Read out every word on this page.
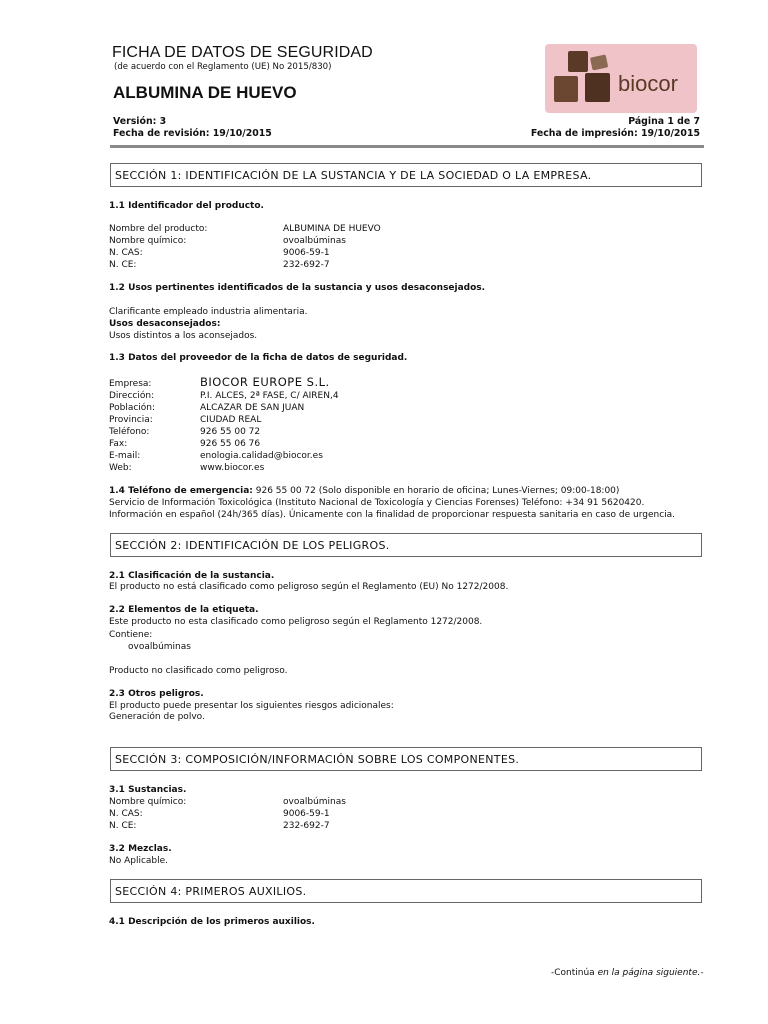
FICHA DE DATOS DE SEGURIDAD
(de acuerdo con el Reglamento (UE) No 2015/830)
ALBUMINA DE HUEVO
Versión: 3
Fecha de revisión: 19/10/2015
Página 1 de 7
Fecha de impresión: 19/10/2015
biocor
SECCIÓN 1: IDENTIFICACIÓN DE LA SUSTANCIA Y DE LA SOCIEDAD O LA EMPRESA.
1.1 Identificador del producto.
Nombre del producto:	ALBUMINA DE HUEVO
Nombre químico:	ovoalbúminas
N. CAS:	9006-59-1
N. CE:	232-692-7
1.2 Usos pertinentes identificados de la sustancia y usos desaconsejados.
Clarificante empleado industria alimentaria.
Usos desaconsejados:
Usos distintos a los aconsejados.
1.3 Datos del proveedor de la ficha de datos de seguridad.
Empresa:	BIOCOR EUROPE S.L.
Dirección:	P.I. ALCES, 2ª FASE, C/ AIREN,4
Población:	ALCAZAR DE SAN JUAN
Provincia:	CIUDAD REAL
Teléfono:	926 55 00 72
Fax:	926 55 06 76
E-mail:	enologia.calidad@biocor.es
Web:	www.biocor.es
1.4 Teléfono de emergencia: 926 55 00 72 (Solo disponible en horario de oficina; Lunes-Viernes; 09:00-18:00)
Servicio de Información Toxicológica (Instituto Nacional de Toxicología y Ciencias Forenses) Teléfono: +34 91 5620420.
Información en español (24h/365 días). Únicamente con la finalidad de proporcionar respuesta sanitaria en caso de urgencia.
SECCIÓN 2: IDENTIFICACIÓN DE LOS PELIGROS.
2.1 Clasificación de la sustancia.
El producto no está clasificado como peligroso según el Reglamento (EU) No 1272/2008.
2.2 Elementos de la etiqueta.
Este producto no esta clasificado como peligroso según el Reglamento 1272/2008.
Contiene:
ovoalbúminas
Producto no clasificado como peligroso.
2.3 Otros peligros.
El producto puede presentar los siguientes riesgos adicionales:
Generación de polvo.
SECCIÓN 3: COMPOSICIÓN/INFORMACIÓN SOBRE LOS COMPONENTES.
3.1 Sustancias.
Nombre químico:	ovoalbúminas
N. CAS:	9006-59-1
N. CE:	232-692-7
3.2 Mezclas.
No Aplicable.
SECCIÓN 4: PRIMEROS AUXILIOS.
4.1 Descripción de los primeros auxilios.
-Continúa en la página siguiente.-
